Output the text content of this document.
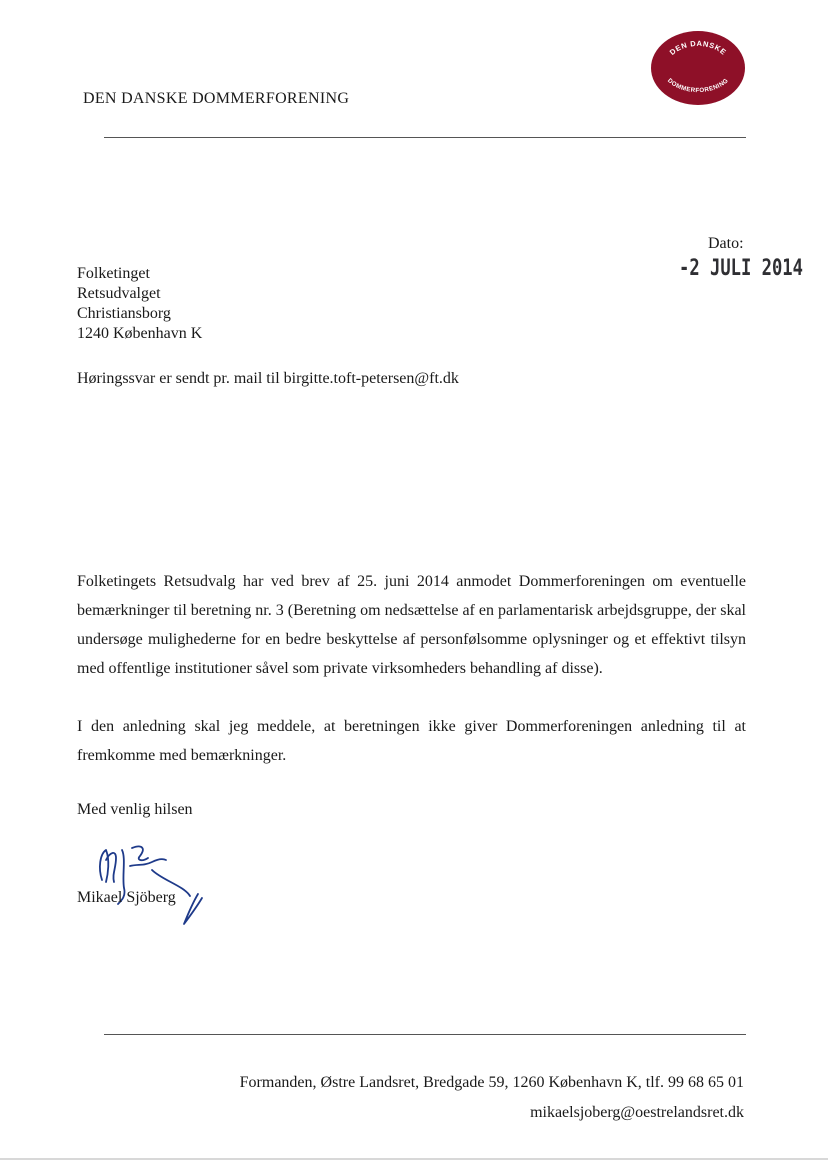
DEN DANSKE DOMMERFORENING
DEN DANSKE
DOMMERFORENING
Dato:
-2 JULI 2014
Folketinget
Retsudvalget
Christiansborg
1240 København K
Høringssvar er sendt pr. mail til birgitte.toft-petersen@ft.dk
Folketingets Retsudvalg har ved brev af 25. juni 2014 anmodet Dommerforeningen om eventuelle bemærkninger til beretning nr. 3 (Beretning om nedsættelse af en parlamentarisk arbejdsgruppe, der skal undersøge mulighederne for en bedre beskyttelse af personfølsomme oplysninger og et effektivt tilsyn med offentlige institutioner såvel som private virksomheders behandling af disse).
I den anledning skal jeg meddele, at beretningen ikke giver Dommerforeningen anledning til at fremkomme med bemærkninger.
Med venlig hilsen
Mikael Sjöberg
Formanden, Østre Landsret, Bredgade 59, 1260 København K, tlf. 99 68 65 01
mikaelsjoberg@oestrelandsret.dk
